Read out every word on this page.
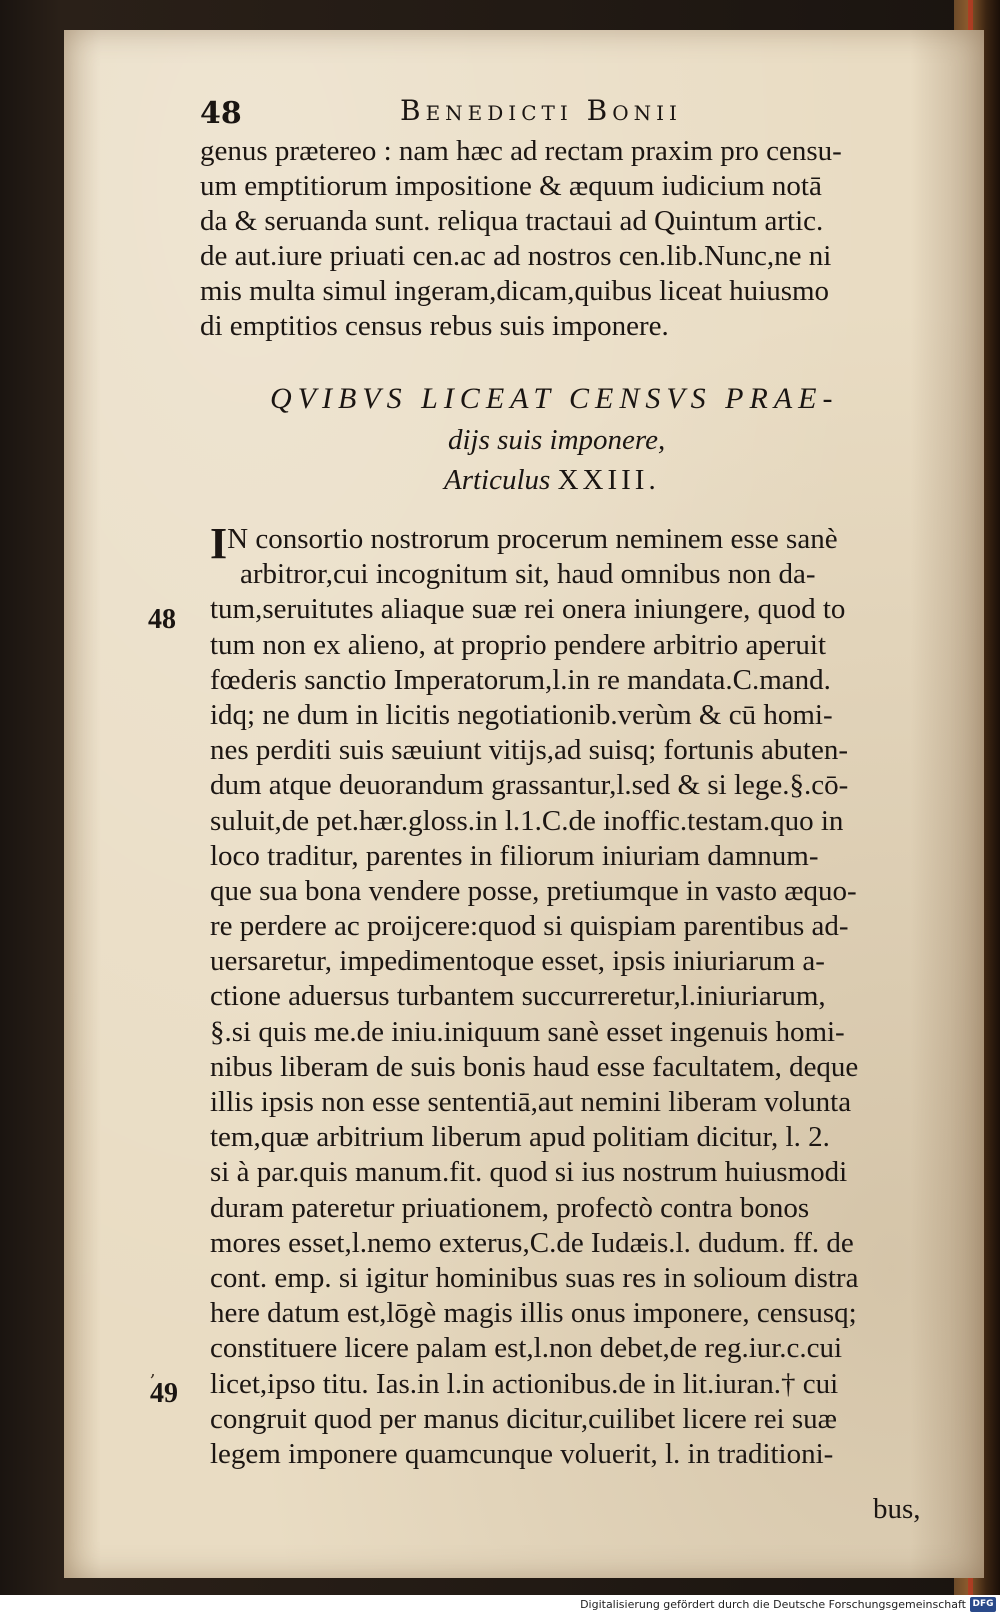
48	Benedicti Bonii
genus prætereo : nam hæc ad rectam praxim pro censu-
um emptitiorum impositione & æquum iudicium notā
da & seruanda sunt. reliqua tractaui ad Quintum artic.
de aut.iure priuati cen.ac ad nostros cen.lib.Nunc,ne ni
mis multa simul ingeram,dicam,quibus liceat huiusmo
di emptitios census rebus suis imponere.
QVIBVS LICEAT CENSVS PRAE-
dijs suis imponere,
Articulus XXIII.
IN consortio nostrorum procerum neminem esse sanè
arbitror,cui incognitum sit, haud omnibus non da-
tum,seruitutes aliaque suæ rei onera iniungere, quod to
tum non ex alieno, at proprio pendere arbitrio aperuit
fœderis sanctio Imperatorum,l.in re mandata.C.mand.
idq; ne dum in licitis negotiationib.verùm & cū homi-
nes perditi suis sæuiunt vitijs,ad suisq; fortunis abuten-
dum atque deuorandum grassantur,l.sed & si lege.§.cō-
suluit,de pet.hær.gloss.in l.1.C.de inoffic.testam.quo in
loco traditur, parentes in filiorum iniuriam damnum-
que sua bona vendere posse, pretiumque in vasto æquo-
re perdere ac proijcere:quod si quispiam parentibus ad-
uersaretur, impedimentoque esset, ipsis iniuriarum a-
ctione aduersus turbantem succurreretur,l.iniuriarum,
§.si quis me.de iniu.iniquum sanè esset ingenuis homi-
nibus liberam de suis bonis haud esse facultatem, deque
illis ipsis non esse sententiā,aut nemini liberam volunta
tem,quæ arbitrium liberum apud politiam dicitur, l. 2.
si à par.quis manum.fit. quod si ius nostrum huiusmodi
duram pateretur priuationem, profectò contra bonos
mores esset,l.nemo exterus,C.de Iudæis.l. dudum. ff. de
cont. emp. si igitur hominibus suas res in solioum distra
here datum est,lōgè magis illis onus imponere, censusq;
constituere licere palam est,l.non debet,de reg.iur.c.cui
licet,ipso titu. Ias.in l.in actionibus.de in lit.iuran.† cui
congruit quod per manus dicitur,cuilibet licere rei suæ
legem imponere quamcunque voluerit, l. in traditioni-
bus,
48
49
,
Digitalisierung gefördert durch die Deutsche Forschungsgemeinschaft DFG
